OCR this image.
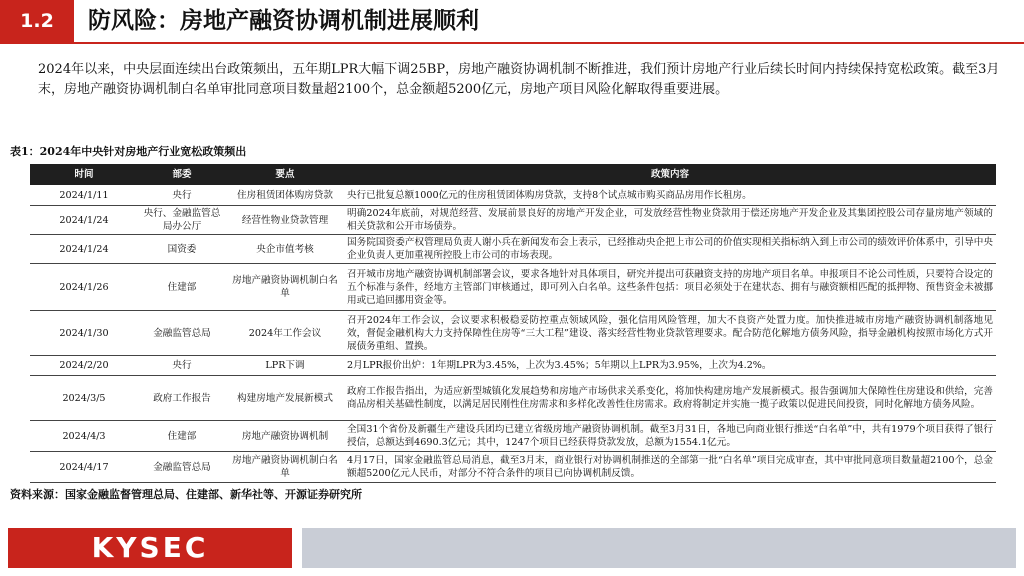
1.2	防风险：房地产融资协调机制进展顺利
2024年以来，中央层面连续出台政策频出，五年期LPR大幅下调25BP，房地产融资协调机制不断推进，我们预计房地产行业后续长时间内持续保持宽松政策。截至3月末，房地产融资协调机制白名单审批同意项目数量超2100个，总金额超5200亿元，房地产项目风险化解取得重要进展。
表1：2024年中央针对房地产行业宽松政策频出
时间	部委	要点	政策内容
2024/1/11	央行	住房租赁团体购房贷款	央行已批复总额1000亿元的住房租赁团体购房贷款，支持8个试点城市购买商品房用作长租房。
2024/1/24	央行、金融监管总局办公厅	经营性物业贷款管理	明确2024年底前，对规范经营、发展前景良好的房地产开发企业，可发放经营性物业贷款用于偿还房地产开发企业及其集团控股公司存量房地产领域的相关贷款和公开市场债券。
2024/1/24	国资委	央企市值考核	国务院国资委产权管理局负责人谢小兵在新闻发布会上表示，已经推动央企把上市公司的价值实现相关指标纳入到上市公司的绩效评价体系中，引导中央企业负责人更加重视所控股上市公司的市场表现。
2024/1/26	住建部	房地产融资协调机制白名单	召开城市房地产融资协调机制部署会议，要求各地针对具体项目，研究并提出可获融资支持的房地产项目名单。申报项目不论公司性质，只要符合设定的五个标准与条件，经地方主管部门审核通过，即可列入白名单。这些条件包括：项目必须处于在建状态、拥有与融资额相匹配的抵押物、预售资金未被挪用或已追回挪用资金等。
2024/1/30	金融监管总局	2024年工作会议	召开2024年工作会议，会议要求积极稳妥防控重点领域风险，强化信用风险管理，加大不良资产处置力度。加快推进城市房地产融资协调机制落地见效，督促金融机构大力支持保障性住房等“三大工程”建设、落实经营性物业贷款管理要求。配合防范化解地方债务风险，指导金融机构按照市场化方式开展债务重组、置换。
2024/2/20	央行	LPR下调	2月LPR报价出炉：1年期LPR为3.45%，上次为3.45%；5年期以上LPR为3.95%，上次为4.2%。
2024/3/5	政府工作报告	构建房地产发展新模式	政府工作报告指出，为适应新型城镇化发展趋势和房地产市场供求关系变化，将加快构建房地产发展新模式。报告强调加大保障性住房建设和供给，完善商品房相关基础性制度，以满足居民刚性住房需求和多样化改善性住房需求。政府将制定并实施一揽子政策以促进民间投资，同时化解地方债务风险。
2024/4/3	住建部	房地产融资协调机制	全国31个省份及新疆生产建设兵团均已建立省级房地产融资协调机制。截至3月31日，各地已向商业银行推送“白名单”中，共有1979个项目获得了银行授信，总额达到4690.3亿元；其中，1247个项目已经获得贷款发放，总额为1554.1亿元。
2024/4/17	金融监管总局	房地产融资协调机制白名单	4月17日，国家金融监管总局消息，截至3月末，商业银行对协调机制推送的全部第一批“白名单”项目完成审查，其中审批同意项目数量超2100个，总金额超5200亿元人民币，对部分不符合条件的项目已向协调机制反馈。
资料来源：国家金融监督管理总局、住建部、新华社等、开源证券研究所
KYSEC
